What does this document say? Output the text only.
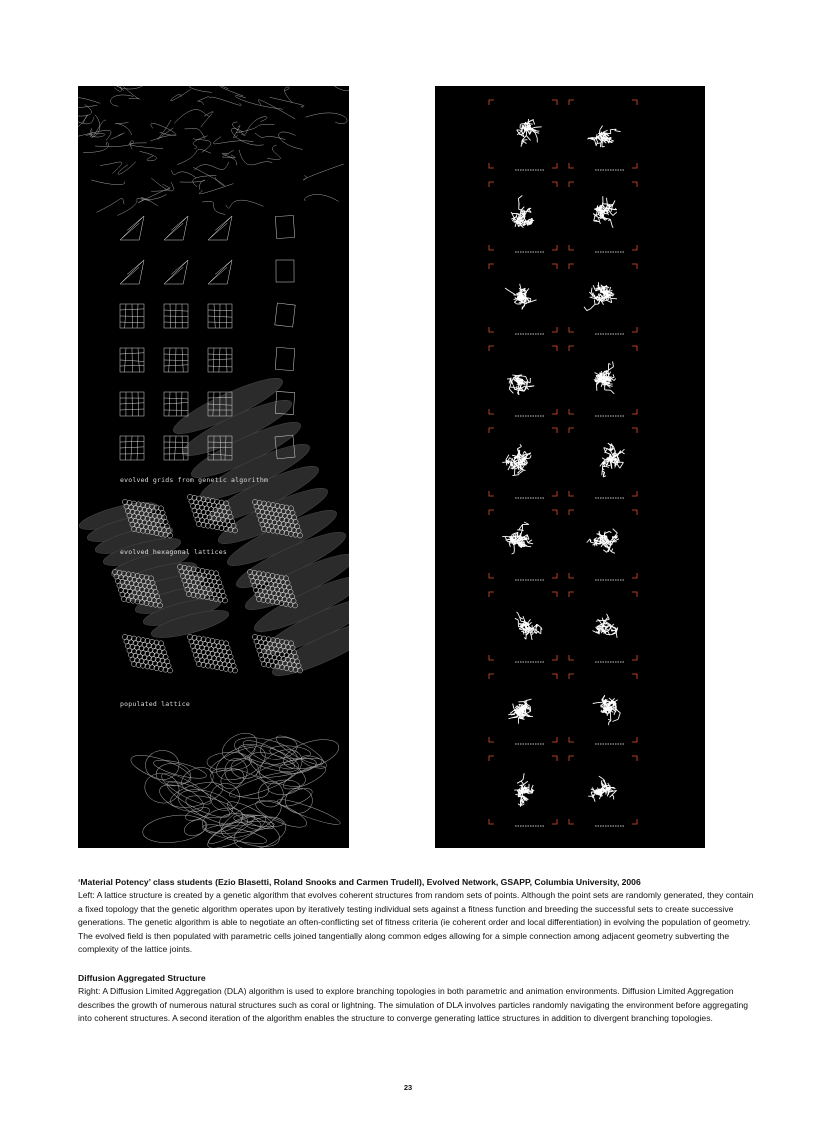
evolved grids from genetic algorithm
evolved hexagonal lattices
populated lattice

‘Material Potency’ class students (Ezio Blasetti, Roland Snooks and Carmen Trudell), Evolved Network, GSAPP, Columbia University, 2006

Left: A lattice structure is created by a genetic algorithm that evolves coherent structures from random sets of points. Although the point sets are randomly generated, they contain a fixed topology that the genetic algorithm operates upon by iteratively testing individual sets against a fitness function and breeding the successful sets to create successive generations. The genetic algorithm is able to negotiate an often-conflicting set of fitness criteria (ie coherent order and local differentiation) in evolving the population of geometry. The evolved field is then populated with parametric cells joined tangentially along common edges allowing for a simple connection among adjacent geometry subverting the complexity of the lattice joints.

Diffusion Aggregated Structure

Right: A Diffusion Limited Aggregation (DLA) algorithm is used to explore branching topologies in both parametric and animation environments. Diffusion Limited Aggregation describes the growth of numerous natural structures such as coral or lightning. The simulation of DLA involves particles randomly navigating the environment before aggregating into coherent structures. A second iteration of the algorithm enables the structure to converge generating lattice structures in addition to divergent branching topologies.

23
